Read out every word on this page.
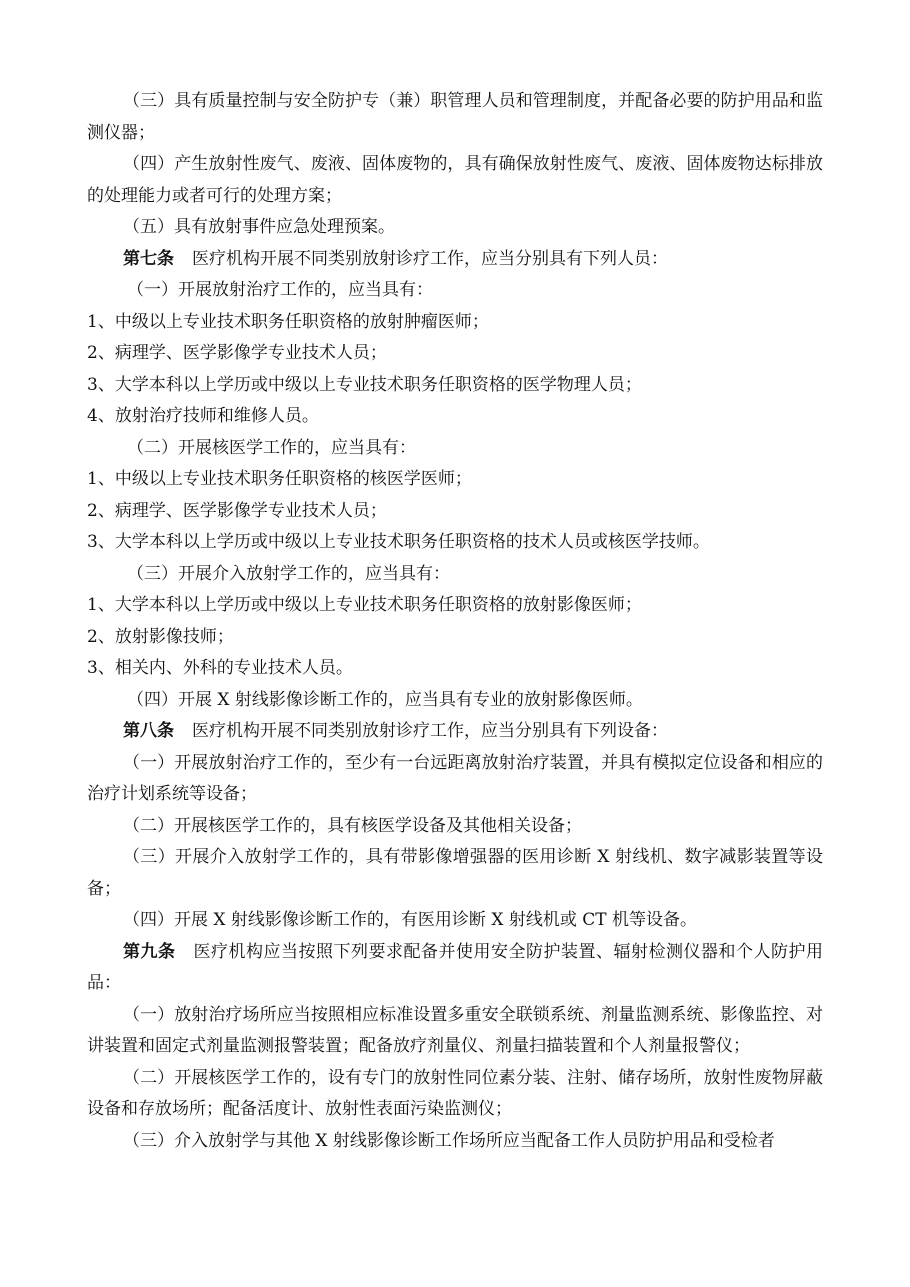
（三）具有质量控制与安全防护专（兼）职管理人员和管理制度，并配备必要的防护用品和监测仪器；

（四）产生放射性废气、废液、固体废物的，具有确保放射性废气、废液、固体废物达标排放的处理能力或者可行的处理方案；

（五）具有放射事件应急处理预案。

第七条 医疗机构开展不同类别放射诊疗工作，应当分别具有下列人员：

（一）开展放射治疗工作的，应当具有：

1、中级以上专业技术职务任职资格的放射肿瘤医师；

2、病理学、医学影像学专业技术人员；

3、大学本科以上学历或中级以上专业技术职务任职资格的医学物理人员；

4、放射治疗技师和维修人员。

（二）开展核医学工作的，应当具有：

1、中级以上专业技术职务任职资格的核医学医师；

2、病理学、医学影像学专业技术人员；

3、大学本科以上学历或中级以上专业技术职务任职资格的技术人员或核医学技师。

（三）开展介入放射学工作的，应当具有：

1、大学本科以上学历或中级以上专业技术职务任职资格的放射影像医师；

2、放射影像技师；

3、相关内、外科的专业技术人员。

（四）开展 X 射线影像诊断工作的，应当具有专业的放射影像医师。

第八条 医疗机构开展不同类别放射诊疗工作，应当分别具有下列设备：

（一）开展放射治疗工作的，至少有一台远距离放射治疗装置，并具有模拟定位设备和相应的治疗计划系统等设备；

（二）开展核医学工作的，具有核医学设备及其他相关设备；

（三）开展介入放射学工作的，具有带影像增强器的医用诊断 X 射线机、数字减影装置等设备；

（四）开展 X 射线影像诊断工作的，有医用诊断 X 射线机或 CT 机等设备。

第九条 医疗机构应当按照下列要求配备并使用安全防护装置、辐射检测仪器和个人防护用品：

（一）放射治疗场所应当按照相应标准设置多重安全联锁系统、剂量监测系统、影像监控、对讲装置和固定式剂量监测报警装置；配备放疗剂量仪、剂量扫描装置和个人剂量报警仪；

（二）开展核医学工作的，设有专门的放射性同位素分装、注射、储存场所，放射性废物屏蔽设备和存放场所；配备活度计、放射性表面污染监测仪；

（三）介入放射学与其他 X 射线影像诊断工作场所应当配备工作人员防护用品和受检者
